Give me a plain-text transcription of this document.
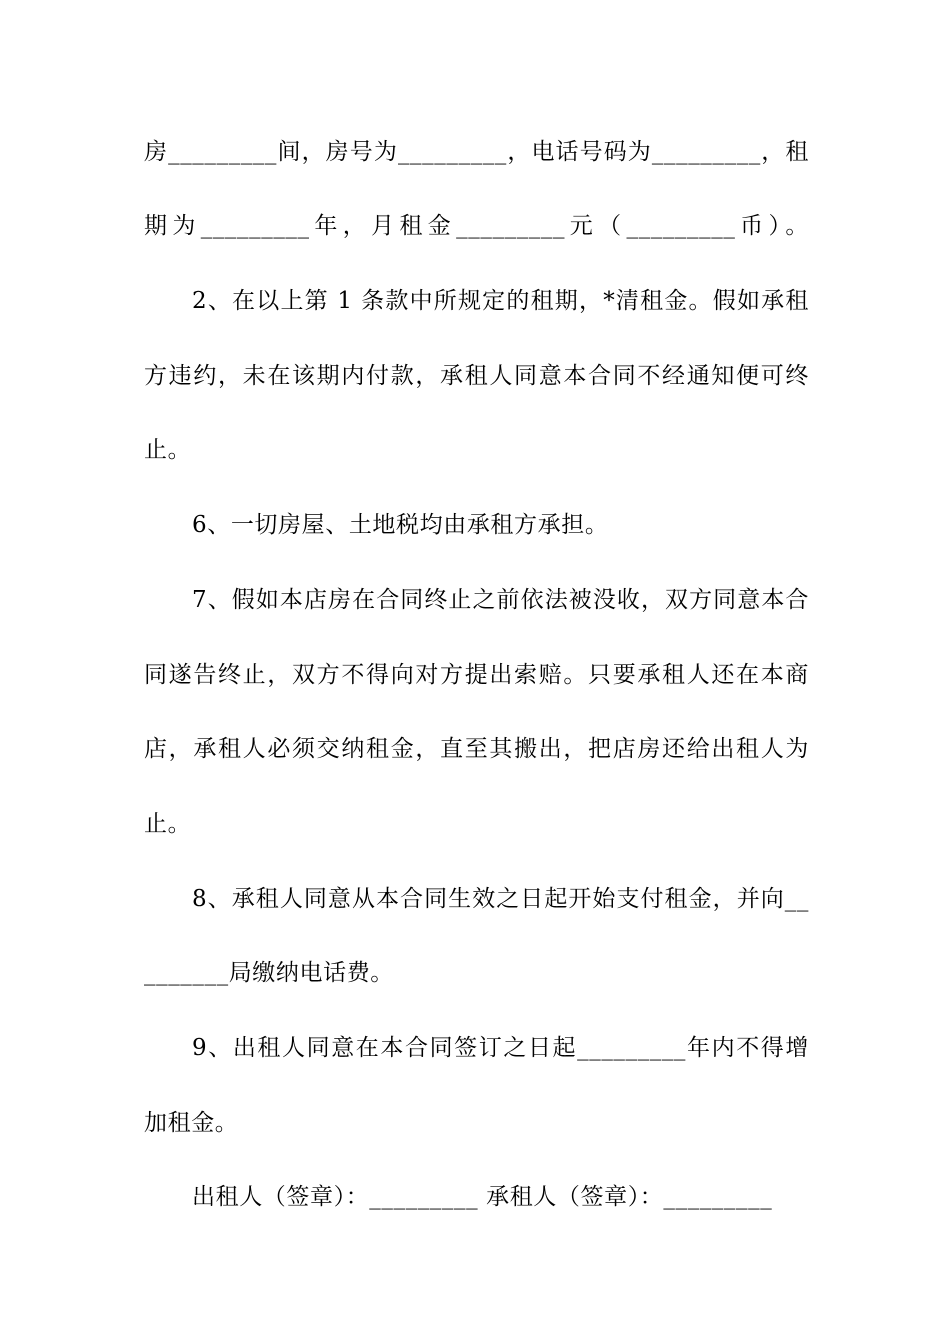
房_________间，房号为_________，电话号码为_________，租
期为_________年，月租金_________元（_________币）。
2、在以上第 1 条款中所规定的租期，*清租金。假如承租
方违约，未在该期内付款，承租人同意本合同不经通知便可终
止。
6、一切房屋、土地税均由承租方承担。
7、假如本店房在合同终止之前依法被没收，双方同意本合
同遂告终止，双方不得向对方提出索赔。只要承租人还在本商
店，承租人必须交纳租金，直至其搬出，把店房还给出租人为
止。
8、承租人同意从本合同生效之日起开始支付租金，并向__
_______局缴纳电话费。
9、出租人同意在本合同签订之日起_________年内不得增
加租金。
出租人（签章）：_________ 承租人（签章）：_________
